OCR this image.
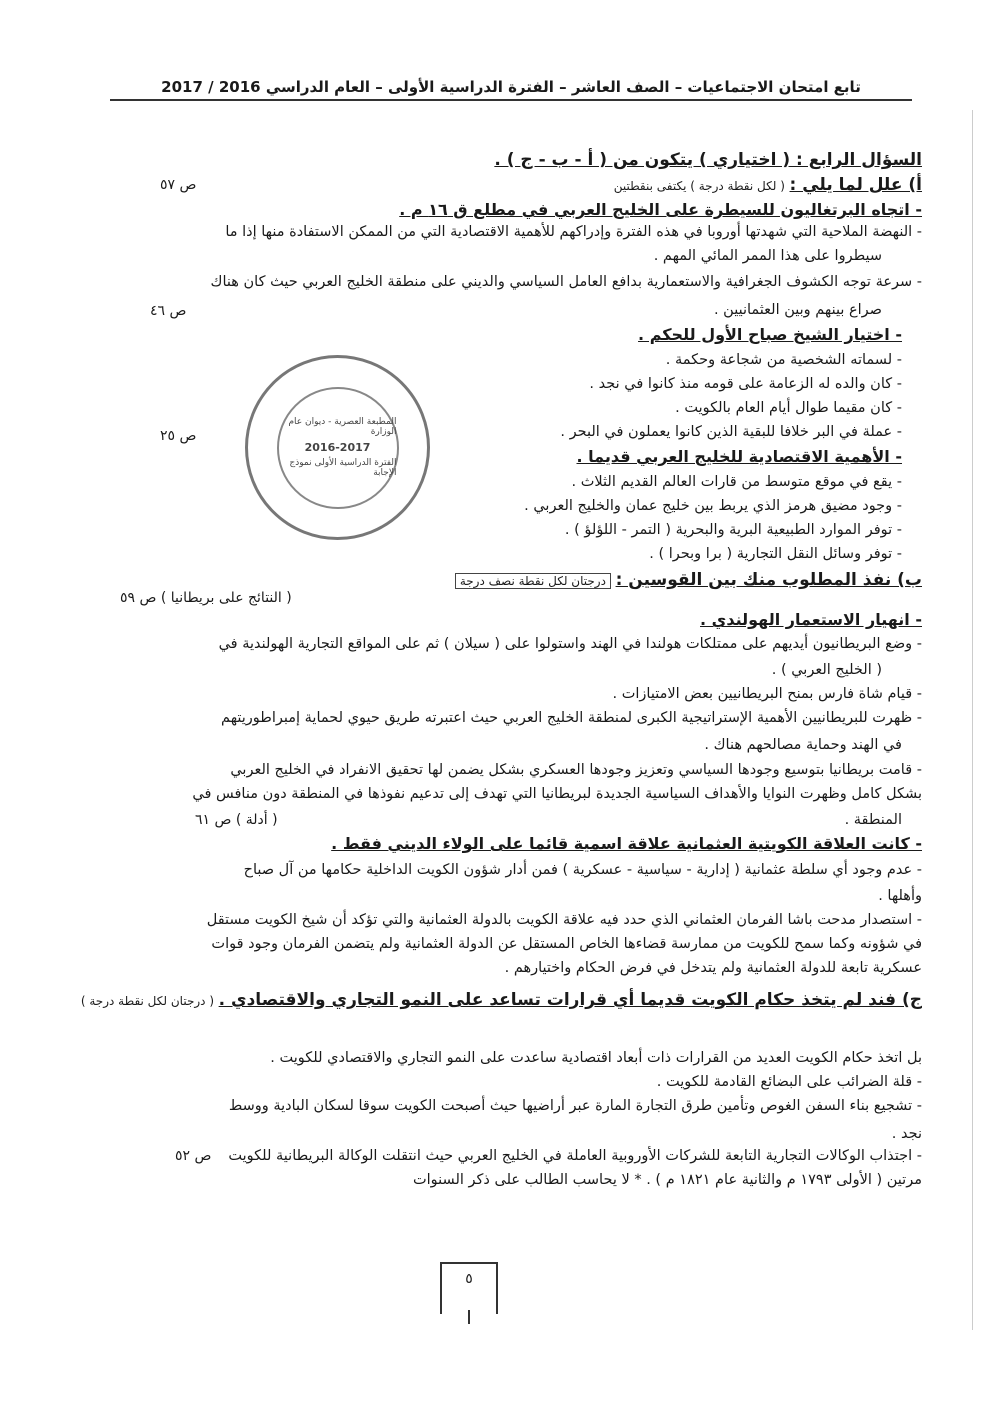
تابع امتحان الاجتماعيات – الصف العاشر – الفترة الدراسية الأولى – العام الدراسي 2016 / 2017
السؤال الرابع : ( اختياري ) يتكون من ( أ - ب - ج ) .
أ) علل لما يلي : ( لكل نقطة درجة ) يكتفى بنقطتين
ص ٥٧
- اتجاه البرتغاليون للسيطرة على الخليج العربي في مطلع ق ١٦ م .
- النهضة الملاحية التي شهدتها أوروبا في هذه الفترة وإدراكهم للأهمية الاقتصادية التي من الممكن الاستفادة منها إذا ما
سيطروا على هذا الممر المائي المهم .
- سرعة توجه الكشوف الجغرافية والاستعمارية بدافع العامل السياسي والديني على منطقة الخليج العربي حيث كان هناك
ص ٤٦	صراع بينهم وبين العثمانيين .
- اختيار الشيخ صباح الأول للحكم .
- لسماته الشخصية من شجاعة وحكمة .
- كان والده له الزعامة على قومه منذ كانوا في نجد .
- كان مقيما طوال أيام العام بالكويت .
ص ٢٥	- عملة في البر خلافا للبقية الذين كانوا يعملون في البحر .
- الأهمية الاقتصادية للخليج العربي قديما .
- يقع في موقع متوسط من قارات العالم القديم الثلاث .
- وجود مضيق هرمز الذي يربط بين خليج عمان والخليج العربي .
- توفر الموارد الطبيعية البرية والبحرية ( التمر - اللؤلؤ ) .
- توفر وسائل النقل التجارية ( برا وبحرا ) .
المطبعة العصرية - ديوان عام الوزارة
2016-2017
الفترة الدراسية الأولى نموذج الإجابة
ب) نفذ المطلوب منك بين القوسين : درجتان لكل نقطة نصف درجة
( النتائج على بريطانيا ) ص ٥٩
- انهيار الاستعمار الهولندي .
- وضع البريطانيون أيديهم على ممتلكات هولندا في الهند واستولوا على ( سيلان ) ثم على المواقع التجارية الهولندية في
( الخليج العربي ) .
- قيام شاة فارس بمنح البريطانيين بعض الامتيازات .
- ظهرت للبريطانيين الأهمية الإستراتيجية الكبرى لمنطقة الخليج العربي حيث اعتبرته طريق حيوي لحماية إمبراطوريتهم
في الهند وحماية مصالحهم هناك .
- قامت بريطانيا بتوسيع وجودها السياسي وتعزيز وجودها العسكري بشكل يضمن لها تحقيق الانفراد في الخليج العربي
بشكل كامل وظهرت النوايا والأهداف السياسية الجديدة لبريطانيا التي تهدف إلى تدعيم نفوذها في المنطقة دون منافس في
المنطقة .
( أدلة ) ص ٦١
- كانت العلاقة الكويتية العثمانية علاقة اسمية قائما على الولاء الديني فقط .
- عدم وجود أي سلطة عثمانية ( إدارية - سياسية - عسكرية ) فمن أدار شؤون الكويت الداخلية حكامها من آل صباح
وأهلها .
- استصدار مدحت باشا الفرمان العثماني الذي حدد فيه علاقة الكويت بالدولة العثمانية والتي تؤكد أن شيخ الكويت مستقل
في شؤونه وكما سمح للكويت من ممارسة قضاءها الخاص المستقل عن الدولة العثمانية ولم يتضمن الفرمان وجود قوات
عسكرية تابعة للدولة العثمانية ولم يتدخل في فرض الحكام واختيارهم .
ج) فند لم يتخذ حكام الكويت قديما أي قرارات تساعد على النمو التجاري والاقتصادي . ( درجتان لكل نقطة درجة )
بل اتخذ حكام الكويت العديد من القرارات ذات أبعاد اقتصادية ساعدت على النمو التجاري والاقتصادي للكويت .
- قلة الضرائب على البضائع القادمة للكويت .
- تشجيع بناء السفن الغوص وتأمين طرق التجارة المارة عبر أراضيها حيث أصبحت الكويت سوقا لسكان البادية ووسط
نجد .
- اجتذاب الوكالات التجارية التابعة للشركات الأوروبية العاملة في الخليج العربي حيث انتقلت الوكالة البريطانية للكويت
مرتين ( الأولى ١٧٩٣ م والثانية عام ١٨٢١ م ) . * لا يحاسب الطالب على ذكر السنوات
ص ٥٢
٥
